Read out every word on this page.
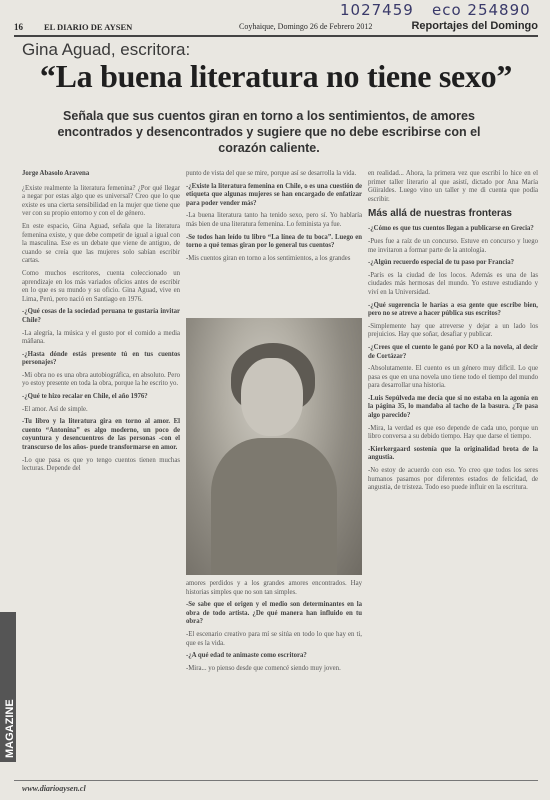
1027459 eco 254890
16 EL DIARIO DE AYSEN	Coyhaique, Domingo 26 de Febrero 2012	Reportajes del Domingo
Gina Aguad, escritora:
“La buena literatura no tiene sexo”
Señala que sus cuentos giran en torno a los sentimientos, de amores encontrados y desencontrados y sugiere que no debe escribirse con el corazón caliente.

Jorge Abasolo Aravena

¿Existe realmente la literatura femenina? ¿Por qué llegar a negar por estas algo que es universal? Creo que lo que existe es una cierta sensibilidad en la mujer que tiene que ver con su propio entorno y con el de género.

En este espacio, Gina Aguad, señala que la literatura femenina existe, y que debe competir de igual a igual con la masculina. Ese es un debate que viene de antiguo, de cuando se creía que las mujeres solo sabían escribir cartas.

Como muchos escritores, cuenta coleccionado un aprendizaje en los más variados oficios antes de escribir en lo que es su mundo y su oficio. Gina Aguad, vive en Lima, Perú, pero nació en Santiago en 1976.

-¿Qué cosas de la sociedad peruana te gustaría invitar Chile?

-La alegría, la música y el gusto por el comido a media máñana.

-¿Hasta dónde estás presente tú en tus cuentos personajes?

-Mi obra no es una obra autobiográfica, en absoluto. Pero yo estoy presente en toda la obra, porque la he escrito yo.

-¿Qué te hizo recalar en Chile, el año 1976?

-El amor. Así de simple.

-Tu libro y la literatura gira en torno al amor. El cuento “Antonina” es algo moderno, un poco de coyuntura y desencuentros de las personas -con el transcurso de los años- puede transformarse en amor.

-Lo que pasa es que yo tengo cuentos tienen muchas lecturas. Depende del

punto de vista del que se mire, porque así se desarrolla la vida.

-¿Existe la literatura femenina en Chile, o es una cuestión de etiqueta que algunas mujeres se han encargado de enfatizar para poder vender más?

-La buena literatura tanto ha tenido sexo, pero sí. Yo hablaría más bien de una literatura femenina. Lo feminista ya fue.

-Se todos han leído tu libro “La línea de tu boca”. Luego en torno a qué temas giran por lo general tus cuentos?

-Mis cuentos giran en torno a los sentimientos, a los grandes

amores perdidos y a los grandes amores encontrados. Hay historias simples que no son tan simples.

-Se sabe que el origen y el medio son determinantes en la obra de todo artista. ¿De qué manera han influido en tu obra?

-El escenario creativo para mí se sitúa en todo lo que hay en ti, que es la vida.

-¿A qué edad te animaste como escritora?

-Mira... yo pienso desde que comencé siendo muy joven.

en realidad... Ahora, la primera vez que escribí lo hice en el primer taller literario al que asistí, dictado por Ana María Güiraldes. Luego vino un taller y me di cuenta que podía escribir.

Más allá de nuestras fronteras

-¿Cómo es que tus cuentos llegan a publicarse en Grecia?

-Pues fue a raíz de un concurso. Estuve en concurso y luego me invitaron a formar parte de la antología.

-¿Algún recuerdo especial de tu paso por Francia?

-París es la ciudad de los locos. Además es una de las ciudades más hermosas del mundo. Yo estuve estudiando y viví en la Universidad.

-¿Qué sugerencia le harías a esa gente que escribe bien, pero no se atreve a hacer pública sus escritos?

-Simplemente hay que atreverse y dejar a un lado los prejuicios. Hay que soñar, desafiar y publicar.

-¿Crees que el cuento le ganó por KO a la novela, al decir de Cortázar?

-Absolutamente. El cuento es un género muy difícil. Lo que pasa es que en una novela uno tiene todo el tiempo del mundo para desarrollar una historia.

-Luis Sepúlveda me decía que si no estaba en la agonía en la página 35, lo mandaba al tacho de la basura. ¿Te pasa algo parecido?

-Mira, la verdad es que eso depende de cada uno, porque un libro conversa a su debido tiempo. Hay que darse el tiempo.

-Kierkergaard sostenía que la originalidad brota de la angustia.

-No estoy de acuerdo con eso. Yo creo que todos los seres humanos pasamos por diferentes estados de felicidad, de angustia, de tristeza. Todo eso puede influir en la escritura.

MAGAZINE
www.diarioaysen.cl
